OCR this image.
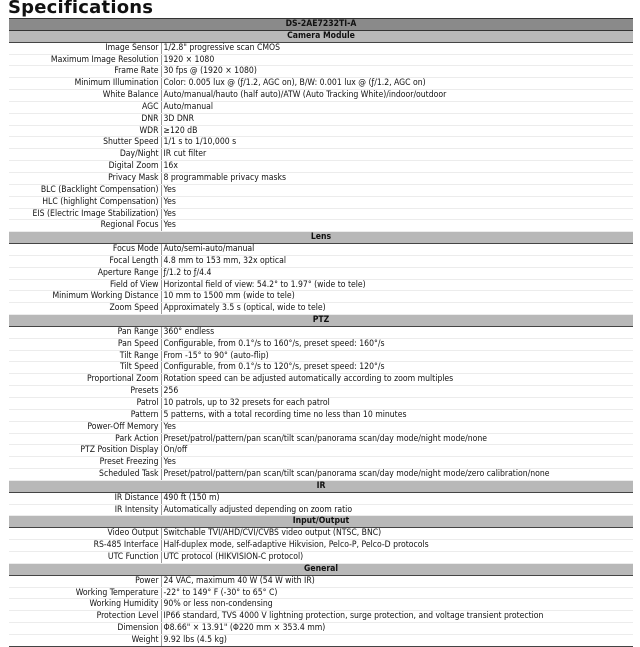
Specifications
DS-2AE7232TI-A	
Camera Module	
Image Sensor	1/2.8" progressive scan CMOS
Maximum Image Resolution	1920 × 1080
Frame Rate	30 fps @ (1920 × 1080)
Minimum Illumination	Color: 0.005 lux @ (ƒ/1.2, AGC on), B/W: 0.001 lux @ (ƒ/1.2, AGC on)
White Balance	Auto/manual/hauto (half auto)/ATW (Auto Tracking White)/indoor/outdoor
AGC	Auto/manual
DNR	3D DNR
WDR	≥120 dB
Shutter Speed	1/1 s to 1/10,000 s
Day/Night	IR cut filter
Digital Zoom	16x
Privacy Mask	8 programmable privacy masks
BLC (Backlight Compensation)	Yes
HLC (highlight Compensation)	Yes
EIS (Electric Image Stabilization)	Yes
Regional Focus	Yes
Lens	
Focus Mode	Auto/semi-auto/manual
Focal Length	4.8 mm to 153 mm, 32x optical
Aperture Range	ƒ/1.2 to ƒ/4.4
Field of View	Horizontal field of view: 54.2° to 1.97° (wide to tele)
Minimum Working Distance	10 mm to 1500 mm (wide to tele)
Zoom Speed	Approximately 3.5 s (optical, wide to tele)
PTZ	
Pan Range	360° endless
Pan Speed	Configurable, from 0.1°/s to 160°/s, preset speed: 160°/s
Tilt Range	From -15° to 90° (auto-flip)
Tilt Speed	Configurable, from 0.1°/s to 120°/s, preset speed: 120°/s
Proportional Zoom	Rotation speed can be adjusted automatically according to zoom multiples
Presets	256
Patrol	10 patrols, up to 32 presets for each patrol
Pattern	5 patterns, with a total recording time no less than 10 minutes
Power-Off Memory	Yes
Park Action	Preset/patrol/pattern/pan scan/tilt scan/panorama scan/day mode/night mode/none
PTZ Position Display	On/off
Preset Freezing	Yes
Scheduled Task	Preset/patrol/pattern/pan scan/tilt scan/panorama scan/day mode/night mode/zero calibration/none
IR	
IR Distance	490 ft (150 m)
IR Intensity	Automatically adjusted depending on zoom ratio
Input/Output	
Video Output	Switchable TVI/AHD/CVI/CVBS video output (NTSC, BNC)
RS-485 Interface	Half-duplex mode, self-adaptive Hikvision, Pelco-P, Pelco-D protocols
UTC Function	UTC protocol (HIKVISION-C protocol)
General	
Power	24 VAC, maximum 40 W (54 W with IR)
Working Temperature	-22° to 149° F (-30° to 65° C)
Working Humidity	90% or less non-condensing
Protection Level	IP66 standard, TVS 4000 V lightning protection, surge protection, and voltage transient protection
Dimension	Φ8.66" × 13.91" (Φ220 mm × 353.4 mm)
Weight	9.92 lbs (4.5 kg)
